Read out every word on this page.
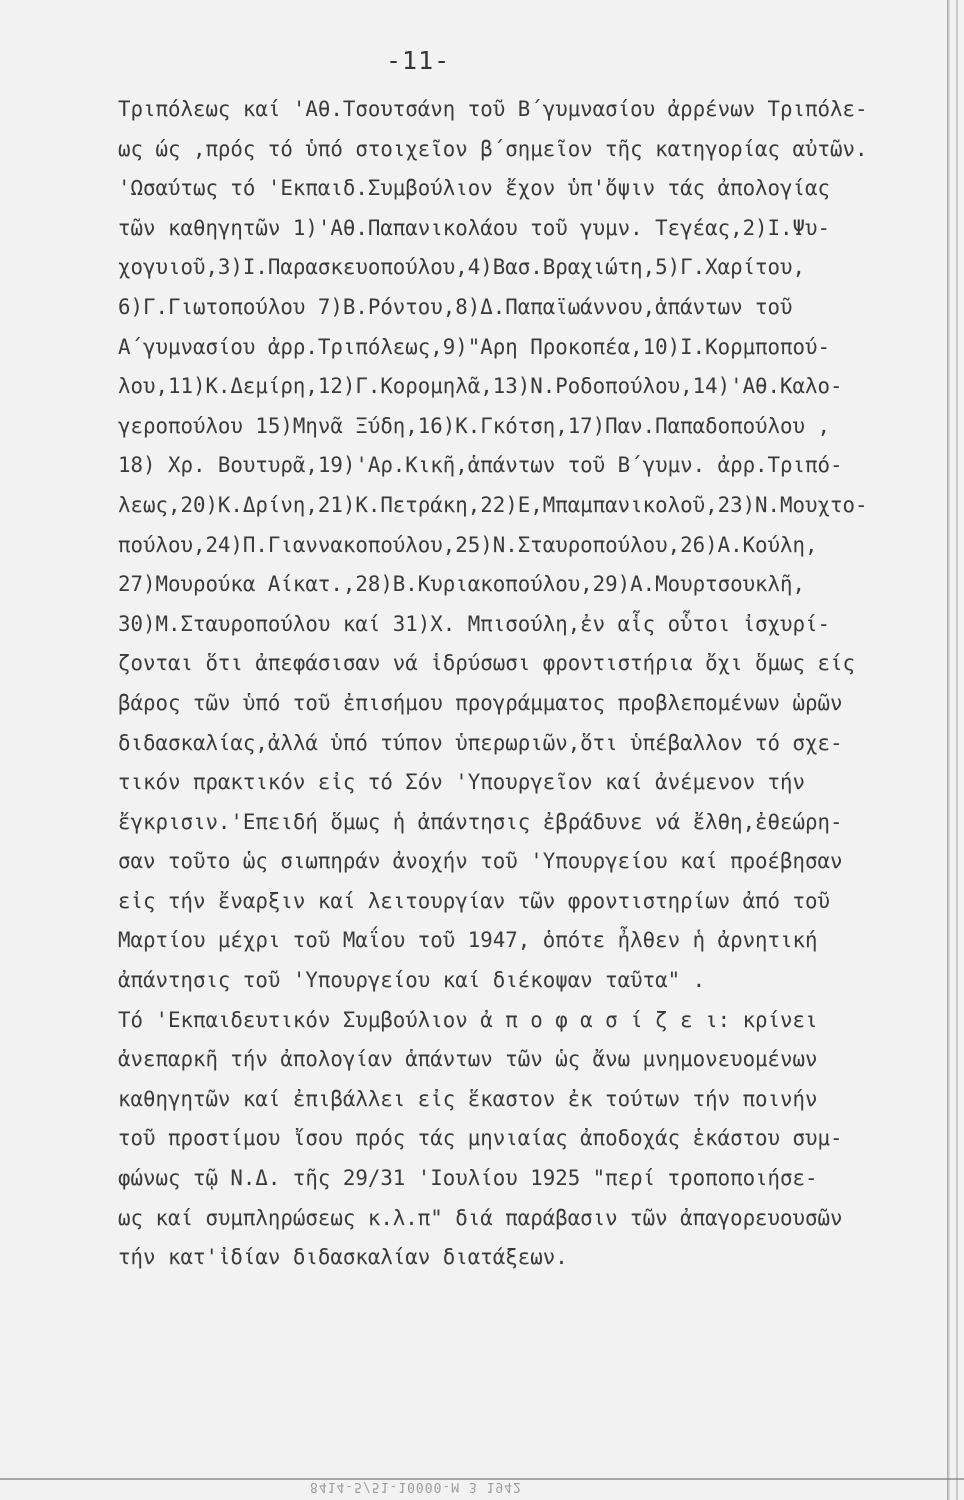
-11-
Τριπόλεως καί 'Αθ.Τσουτσάνη τοῦ Β΄γυμνασίου ἀρρένων Τριπόλε-
ως ώς ,πρός τό ὑπό στοιχεῖον β΄σημεῖον τῆς κατηγορίας αὐτῶν.
'Ωσαύτως τό 'Εκπαιδ.Συμβούλιον ἔχον ὑπ'ὄψιν τάς ἀπολογίας
τῶν καθηγητῶν 1)'Αθ.Παπανικολάου τοῦ γυμν. Τεγέας,2)Ι.Ψυ-
χογυιοῦ,3)Ι.Παρασκευοπούλου,4)Βασ.Βραχιώτη,5)Γ.Χαρίτου,
6)Γ.Γιωτοπούλου 7)Β.Ρόντου,8)Δ.Παπαϊωάννου,ἁπάντων τοῦ
Α΄γυμνασίου ἀρρ.Τριπόλεως,9)"Αρη Προκοπέα,10)Ι.Κορμποπού-
λου,11)Κ.Δεμίρη,12)Γ.Κορομηλᾶ,13)Ν.Ροδοπούλου,14)'Αθ.Καλο-
γεροπούλου 15)Μηνᾶ Ξύδη,16)Κ.Γκότση,17)Παν.Παπαδοπούλου ,
18) Χρ. Βουτυρᾶ,19)'Αρ.Κικῆ,ἁπάντων τοῦ Β΄γυμν. ἀρρ.Τριπό-
λεως,20)Κ.Δρίνη,21)Κ.Πετράκη,22)Ε,Μπαμπανικολοῦ,23)Ν.Μουχτο-
πούλου,24)Π.Γιαννακοπούλου,25)Ν.Σταυροπούλου,26)Α.Κούλη,
27)Μουρούκα Αίκατ.,28)Β.Κυριακοπούλου,29)Α.Μουρτσουκλῆ,
30)Μ.Σταυροπούλου καί 31)Χ. Μπισούλη,ἐν αἷς οὗτοι ἰσχυρί-
ζονται ὅτι ἀπεφάσισαν νά ἱδρύσωσι φροντιστήρια ὄχι ὅμως είς
βάρος τῶν ὑπό τοῦ ἐπισήμου προγράμματος προβλεπομένων ὡρῶν
διδασκαλίας,ἀλλά ὑπό τύπον ὑπερωριῶν,ὅτι ὑπέβαλλον τό σχε-
τικόν πρακτικόν εἰς τό Σόν 'Υπουργεῖον καί ἀνέμενον τήν
ἔγκρισιν.'Επειδή ὅμως ἡ ἀπάντησις ἐβράδυνε νά ἔλθη,ἐθεώρη-
σαν τοῦτο ὡς σιωπηράν ἀνοχήν τοῦ 'Υπουργείου καί προέβησαν
εἰς τήν ἔναρξιν καί λειτουργίαν τῶν φροντιστηρίων ἀπό τοῦ
Μαρτίου μέχρι τοῦ Μαΐου τοῦ 1947, ὁπότε ἦλθεν ἡ ἀρνητική
ἀπάντησις τοῦ 'Υπουργείου καί διέκοψαν ταῦτα" .
Τό 'Εκπαιδευτικόν Συμβούλιον ἀ π ο φ α σ ί ζ ε ι: κρίνει
ἀνεπαρκῆ τήν ἀπολογίαν ἁπάντων τῶν ὡς ἄνω μνημονευομένων
καθηγητῶν καί ἐπιβάλλει εἰς ἕκαστον ἐκ τούτων τήν ποινήν
τοῦ προστίμου ἴσου πρός τάς μηνιαίας ἀποδοχάς ἑκάστου συμ-
φώνως τῷ Ν.Δ. τῆς 29/31 'Ιουλίου 1925 "περί τροποποιήσε-
ως καί συμπληρώσεως κ.λ.π" διά παράβασιν τῶν ἀπαγορευουσῶν
τήν κατ'ἰδίαν διδασκαλίαν διατάξεων.
8414-5/51-10000-Μ 3 1942
